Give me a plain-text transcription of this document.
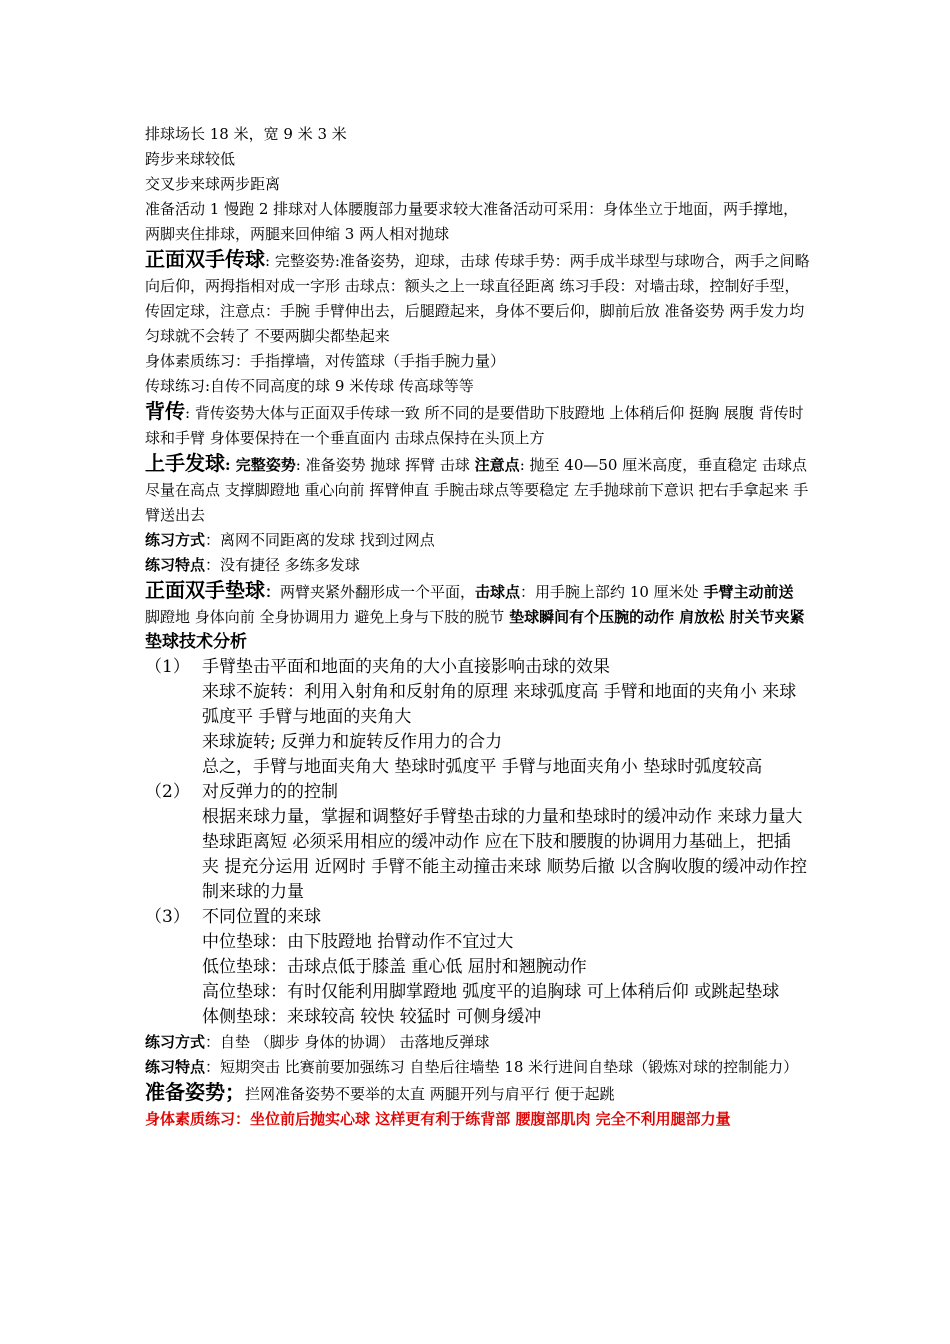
排球场长 18 米，宽 9 米 3 米

跨步来球较低

交叉步来球两步距离

准备活动 1 慢跑 2 排球对人体腰腹部力量要求较大准备活动可采用：身体坐立于地面，两手撑地，两脚夹住排球，两腿来回伸缩 3 两人相对抛球

正面双手传球: 完整姿势:准备姿势，迎球，击球 传球手势：两手成半球型与球吻合，两手之间略向后仰，两拇指相对成一字形 击球点：额头之上一球直径距离 练习手段：对墙击球，控制好手型，传固定球，注意点：手腕 手臂伸出去，后腿蹬起来，身体不要后仰，脚前后放 准备姿势 两手发力均匀球就不会转了 不要两脚尖都垫起来

身体素质练习：手指撑墙，对传篮球（手指手腕力量）

传球练习:自传不同高度的球 9 米传球 传高球等等

背传: 背传姿势大体与正面双手传球一致 所不同的是要借助下肢蹬地 上体稍后仰 挺胸 展腹 背传时球和手臂 身体要保持在一个垂直面内 击球点保持在头顶上方

上手发球: 完整姿势: 准备姿势 抛球 挥臂 击球 注意点: 抛至 40—50 厘米高度，垂直稳定 击球点尽量在高点 支撑脚蹬地 重心向前 挥臂伸直 手腕击球点等要稳定 左手抛球前下意识 把右手拿起来 手臂送出去

练习方式：离网不同距离的发球 找到过网点

练习特点：没有捷径 多练多发球

正面双手垫球：两臂夹紧外翻形成一个平面，击球点：用手腕上部约 10 厘米处 手臂主动前送 脚蹬地 身体向前 全身协调用力 避免上身与下肢的脱节 垫球瞬间有个压腕的动作 肩放松 肘关节夹紧

垫球技术分析

（1） 手臂垫击平面和地面的夹角的大小直接影响击球的效果

来球不旋转：利用入射角和反射角的原理 来球弧度高 手臂和地面的夹角小 来球弧度平 手臂与地面的夹角大

来球旋转; 反弹力和旋转反作用力的合力

总之，手臂与地面夹角大 垫球时弧度平 手臂与地面夹角小 垫球时弧度较高

（2） 对反弹力的的控制

根据来球力量，掌握和调整好手臂垫击球的力量和垫球时的缓冲动作 来球力量大 垫球距离短 必须采用相应的缓冲动作 应在下肢和腰腹的协调用力基础上，把插 夹 提充分运用 近网时 手臂不能主动撞击来球 顺势后撤 以含胸收腹的缓冲动作控制来球的力量

（3） 不同位置的来球

中位垫球：由下肢蹬地 抬臂动作不宜过大

低位垫球：击球点低于膝盖 重心低 屈肘和翘腕动作

高位垫球：有时仅能利用脚掌蹬地 弧度平的追胸球 可上体稍后仰 或跳起垫球

体侧垫球：来球较高 较快 较猛时 可侧身缓冲

练习方式：自垫 （脚步 身体的协调） 击落地反弹球

练习特点：短期突击 比赛前要加强练习 自垫后往墙垫 18 米行进间自垫球（锻炼对球的控制能力）

准备姿势；拦网准备姿势不要举的太直 两腿开列与肩平行 便于起跳

身体素质练习：坐位前后抛实心球 这样更有利于练背部 腰腹部肌肉 完全不利用腿部力量
